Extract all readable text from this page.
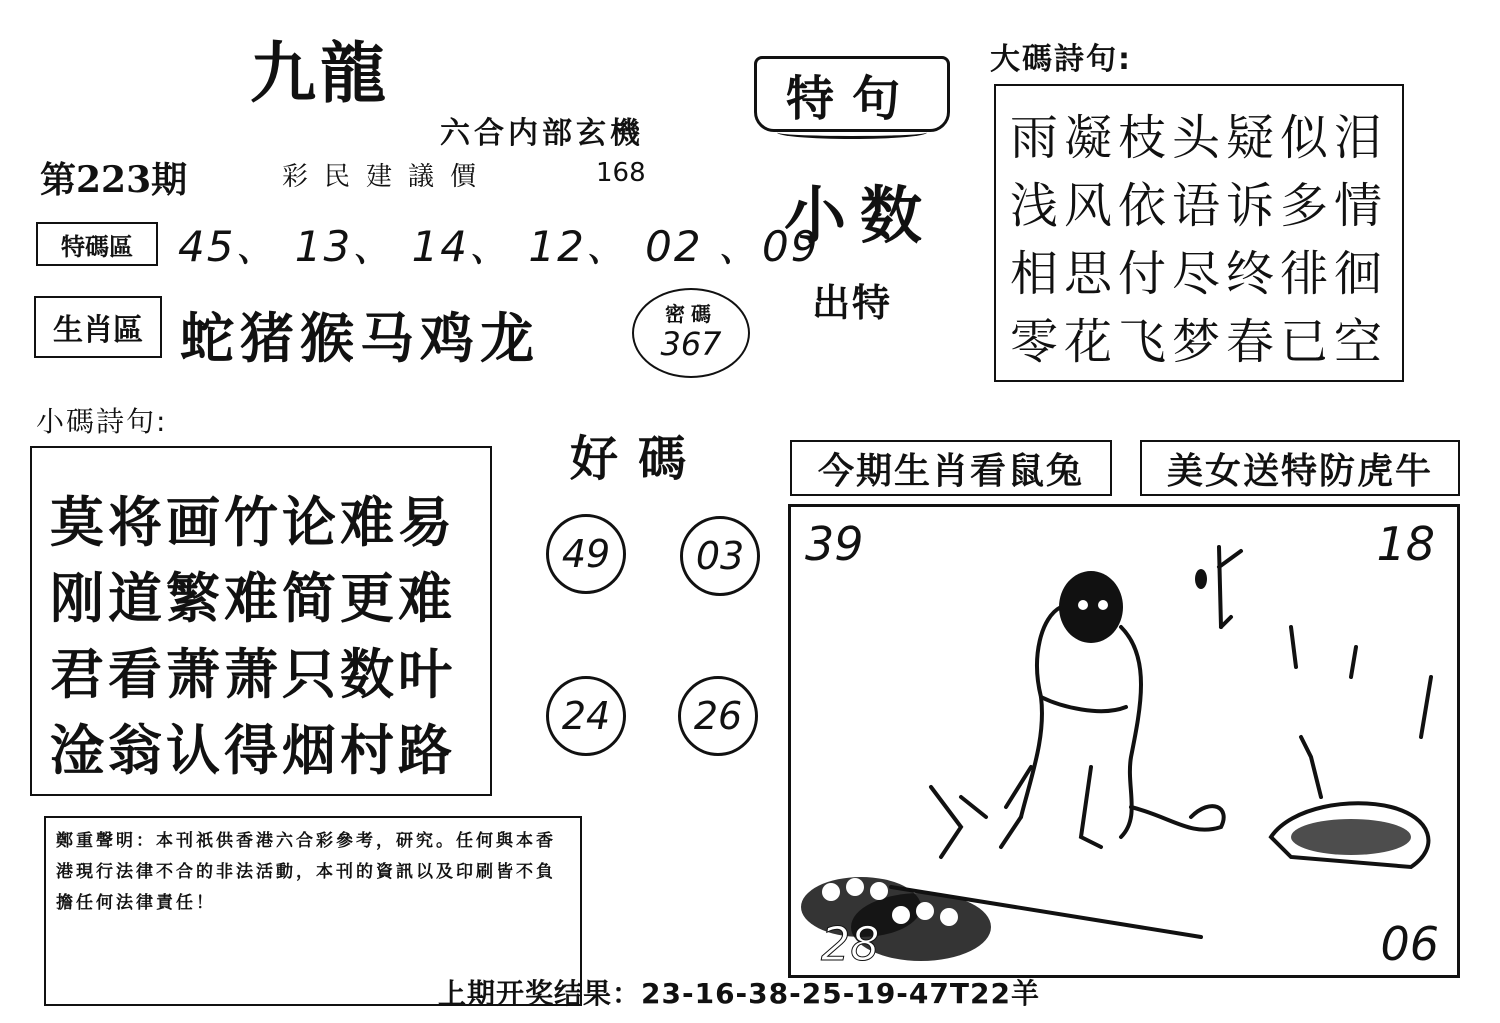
九龍
六合内部玄機
第223期	彩民建議價	168
特碼區	45、 13、 14、 12、 02 、09
生肖區 蛇猪猴马鸡龙	密碼
367
特句
小数
出特
大碼詩句:
雨凝枝头疑似泪
浅风依语诉多情
相思付尽终徘徊
零花飞梦春已空
小碼詩句:
莫将画竹论难易
刚道繁难简更难
君看萧萧只数叶
淦翁认得烟村路
好碼
49	03
24	26
今期生肖看鼠兔	美女送特防虎牛
39	18
28	06
鄭重聲明：本刊祇供香港六合彩參考，研究。任何與本香港現行法律不合的非法活動，本刊的資訊以及印刷皆不負擔任何法律責任！
上期开奖结果：23-16-38-25-19-47T22羊
